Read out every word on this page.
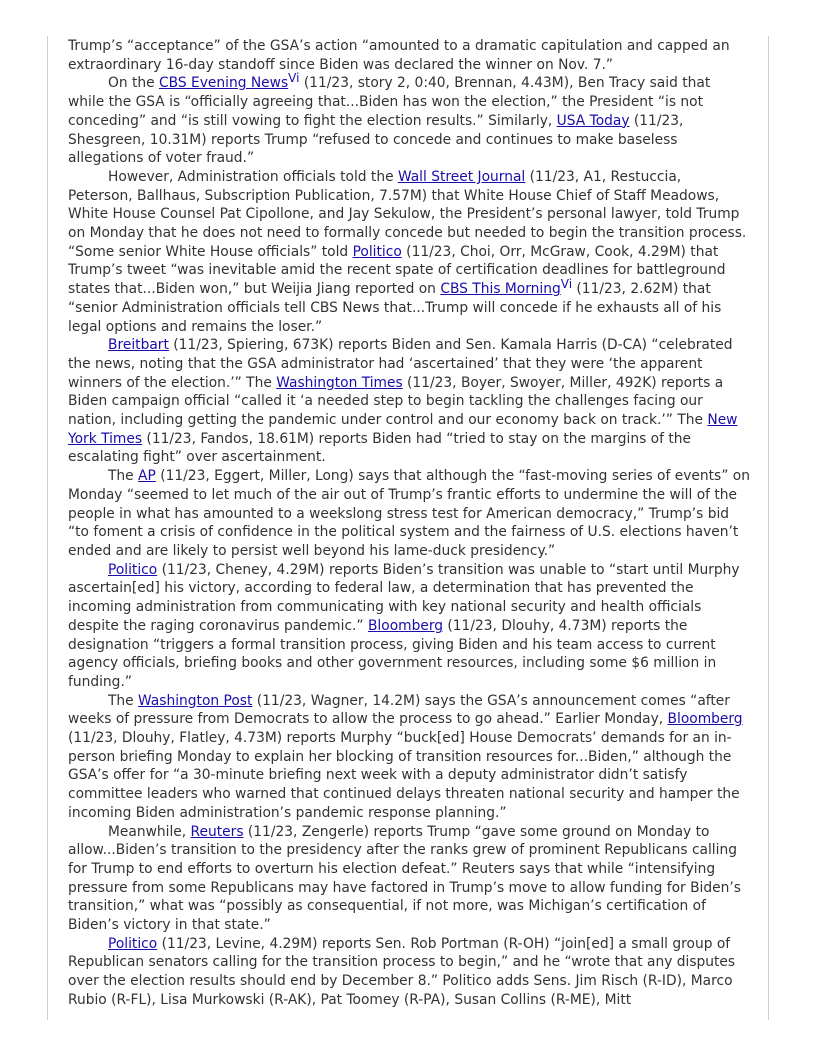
Trump’s “acceptance” of the GSA’s action “amounted to a dramatic capitulation and capped an extraordinary 16-day standoff since Biden was declared the winner on Nov. 7.”

On the CBS Evening News$^{Vi}$ (11/23, story 2, 0:40, Brennan, 4.43M), Ben Tracy said that while the GSA is “officially agreeing that...Biden has won the election,” the President “is not conceding” and “is still vowing to fight the election results.” Similarly, USA Today (11/23, Shesgreen, 10.31M) reports Trump “refused to concede and continues to make baseless allegations of voter fraud.”

However, Administration officials told the Wall Street Journal (11/23, A1, Restuccia, Peterson, Ballhaus, Subscription Publication, 7.57M) that White House Chief of Staff Meadows, White House Counsel Pat Cipollone, and Jay Sekulow, the President’s personal lawyer, told Trump on Monday that he does not need to formally concede but needed to begin the transition process. “Some senior White House officials” told Politico (11/23, Choi, Orr, McGraw, Cook, 4.29M) that Trump’s tweet “was inevitable amid the recent spate of certification deadlines for battleground states that...Biden won,” but Weijia Jiang reported on CBS This Morning$^{Vi}$ (11/23, 2.62M) that “senior Administration officials tell CBS News that...Trump will concede if he exhausts all of his legal options and remains the loser.”

Breitbart (11/23, Spiering, 673K) reports Biden and Sen. Kamala Harris (D-CA) “celebrated the news, noting that the GSA administrator had ‘ascertained’ that they were ‘the apparent winners of the election.’” The Washington Times (11/23, Boyer, Swoyer, Miller, 492K) reports a Biden campaign official “called it ‘a needed step to begin tackling the challenges facing our nation, including getting the pandemic under control and our economy back on track.’” The New York Times (11/23, Fandos, 18.61M) reports Biden had “tried to stay on the margins of the escalating fight” over ascertainment.

The AP (11/23, Eggert, Miller, Long) says that although the “fast-moving series of events” on Monday “seemed to let much of the air out of Trump’s frantic efforts to undermine the will of the people in what has amounted to a weekslong stress test for American democracy,” Trump’s bid “to foment a crisis of confidence in the political system and the fairness of U.S. elections haven’t ended and are likely to persist well beyond his lame-duck presidency.”

Politico (11/23, Cheney, 4.29M) reports Biden’s transition was unable to “start until Murphy ascertain[ed] his victory, according to federal law, a determination that has prevented the incoming administration from communicating with key national security and health officials despite the raging coronavirus pandemic.” Bloomberg (11/23, Dlouhy, 4.73M) reports the designation “triggers a formal transition process, giving Biden and his team access to current agency officials, briefing books and other government resources, including some $6 million in funding.”

The Washington Post (11/23, Wagner, 14.2M) says the GSA’s announcement comes “after weeks of pressure from Democrats to allow the process to go ahead.” Earlier Monday, Bloomberg (11/23, Dlouhy, Flatley, 4.73M) reports Murphy “buck[ed] House Democrats’ demands for an in-person briefing Monday to explain her blocking of transition resources for...Biden,” although the GSA’s offer for “a 30-minute briefing next week with a deputy administrator didn’t satisfy committee leaders who warned that continued delays threaten national security and hamper the incoming Biden administration’s pandemic response planning.”

Meanwhile, Reuters (11/23, Zengerle) reports Trump “gave some ground on Monday to allow...Biden’s transition to the presidency after the ranks grew of prominent Republicans calling for Trump to end efforts to overturn his election defeat.” Reuters says that while “intensifying pressure from some Republicans may have factored in Trump’s move to allow funding for Biden’s transition,” what was “possibly as consequential, if not more, was Michigan’s certification of Biden’s victory in that state.”

Politico (11/23, Levine, 4.29M) reports Sen. Rob Portman (R-OH) “join[ed] a small group of Republican senators calling for the transition process to begin,” and he “wrote that any disputes over the election results should end by December 8.” Politico adds Sens. Jim Risch (R-ID), Marco Rubio (R-FL), Lisa Murkowski (R-AK), Pat Toomey (R-PA), Susan Collins (R-ME), Mitt
